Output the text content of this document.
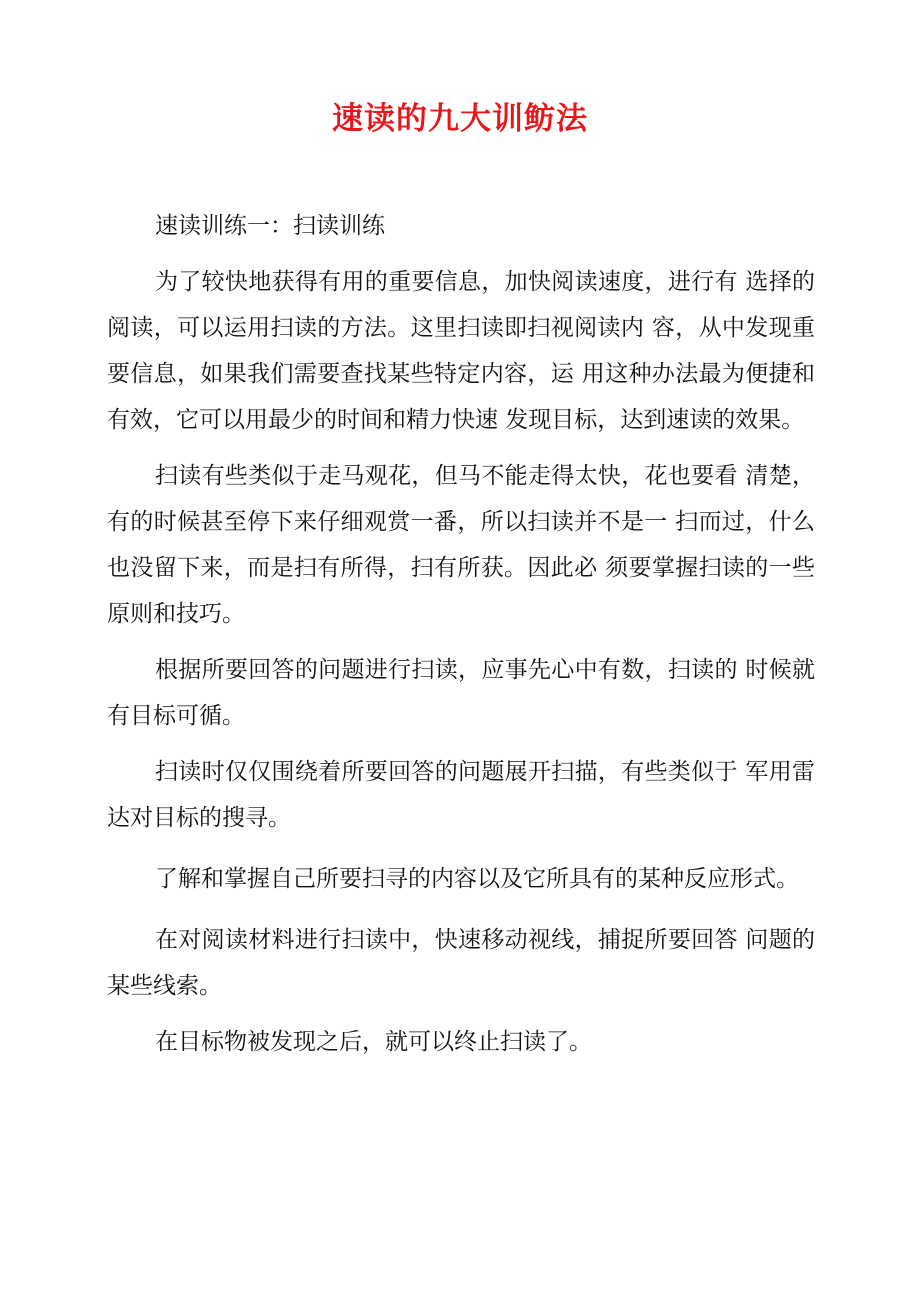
速读的九大训鲂法

速读训练一：扫读训练

为了较快地获得有用的重要信息，加快阅读速度，进行有 选择的阅读，可以运用扫读的方法。这里扫读即扫视阅读内 容，从中发现重要信息，如果我们需要查找某些特定内容，运 用这种办法最为便捷和有效，它可以用最少的时间和精力快速 发现目标，达到速读的效果。

扫读有些类似于走马观花，但马不能走得太快，花也要看 清楚，有的时候甚至停下来仔细观赏一番，所以扫读并不是一 扫而过，什么也没留下来，而是扫有所得，扫有所获。因此必 须要掌握扫读的一些原则和技巧。

根据所要回答的问题进行扫读，应事先心中有数，扫读的 时候就有目标可循。

扫读时仅仅围绕着所要回答的问题展开扫描，有些类似于 军用雷达对目标的搜寻。

了解和掌握自己所要扫寻的内容以及它所具有的某种反应形式。

在对阅读材料进行扫读中，快速移动视线，捕捉所要回答 问题的某些线索。

在目标物被发现之后，就可以终止扫读了。
